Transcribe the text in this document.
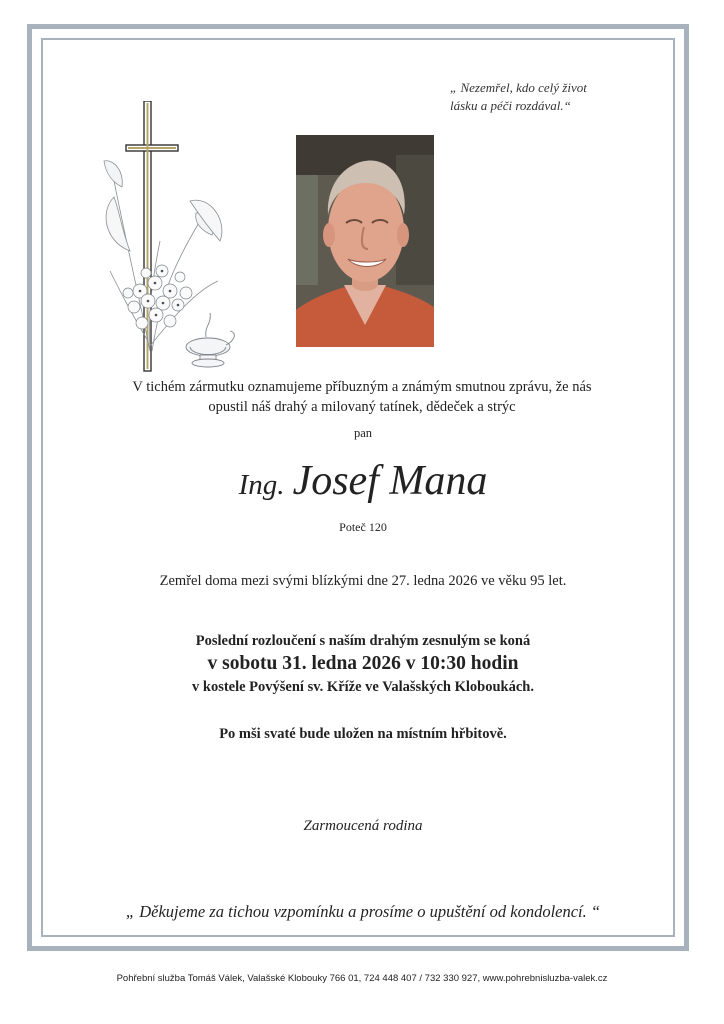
„ Nezemřel, kdo celý život
lásku a péči rozdával.“
V tichém zármutku oznamujeme příbuzným a známým smutnou zprávu, že nás
opustil náš drahý a milovaný tatínek, dědeček a strýc
pan
Ing. Josef Mana
Poteč 120
Zemřel doma mezi svými blízkými dne 27. ledna 2026 ve věku 95 let.
Poslední rozloučení s naším drahým zesnulým se koná
v sobotu 31. ledna 2026 v 10:30 hodin
v kostele Povýšení sv. Kříže ve Valašských Kloboukách.
Po mši svaté bude uložen na místním hřbitově.
Zarmoucená rodina
„ Děkujeme za tichou vzpomínku a prosíme o upuštění od kondolencí. “
Pohřební služba Tomáš Válek, Valašské Klobouky 766 01, 724 448 407 / 732 330 927, www.pohrebnisluzba-valek.cz
